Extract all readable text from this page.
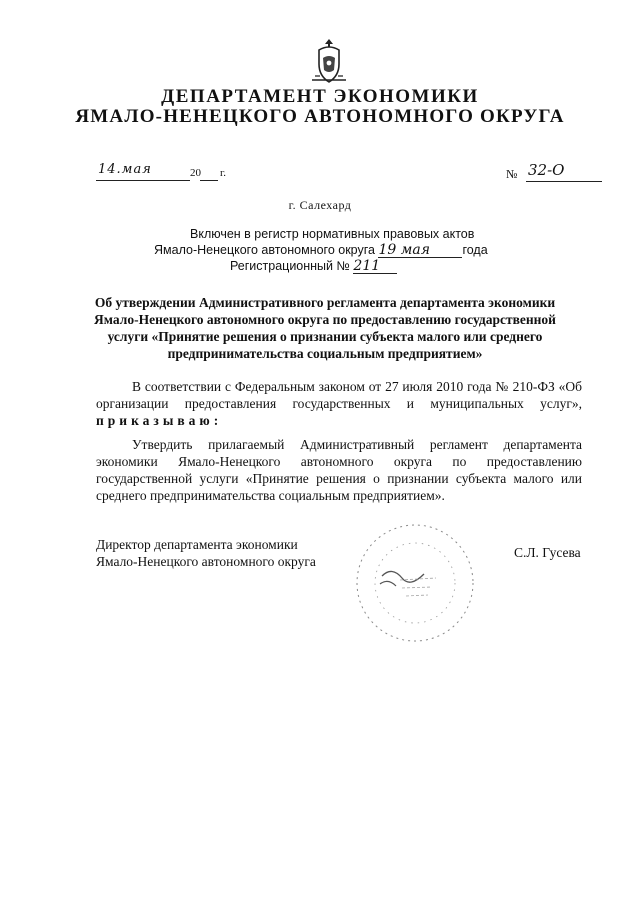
ДЕПАРТАМЕНТ ЭКОНОМИКИ
ЯМАЛО-НЕНЕЦКОГО АВТОНОМНОГО ОКРУГА
14.мая	20 г.	№ 32-О
г. Салехард
Включен в регистр нормативных правовых актов
Ямало-Ненецкого автономного округа 19 мая	года
Регистрационный № 211
Об утверждении Административного регламента департамента экономики Ямало-Ненецкого автономного округа по предоставлению государственной услуги «Принятие решения о признании субъекта малого или среднего предпринимательства социальным предприятием»
В соответствии с Федеральным законом от 27 июля 2010 года № 210-ФЗ «Об организации предоставления государственных и муниципальных услуг», приказываю:
Утвердить прилагаемый Административный регламент департамента экономики Ямало-Ненецкого автономного округа по предоставлению государственной услуги «Принятие решения о признании субъекта малого или среднего предпринимательства социальным предприятием».
Директор департамента экономики
Ямало-Ненецкого автономного округа
С.Л. Гусева
